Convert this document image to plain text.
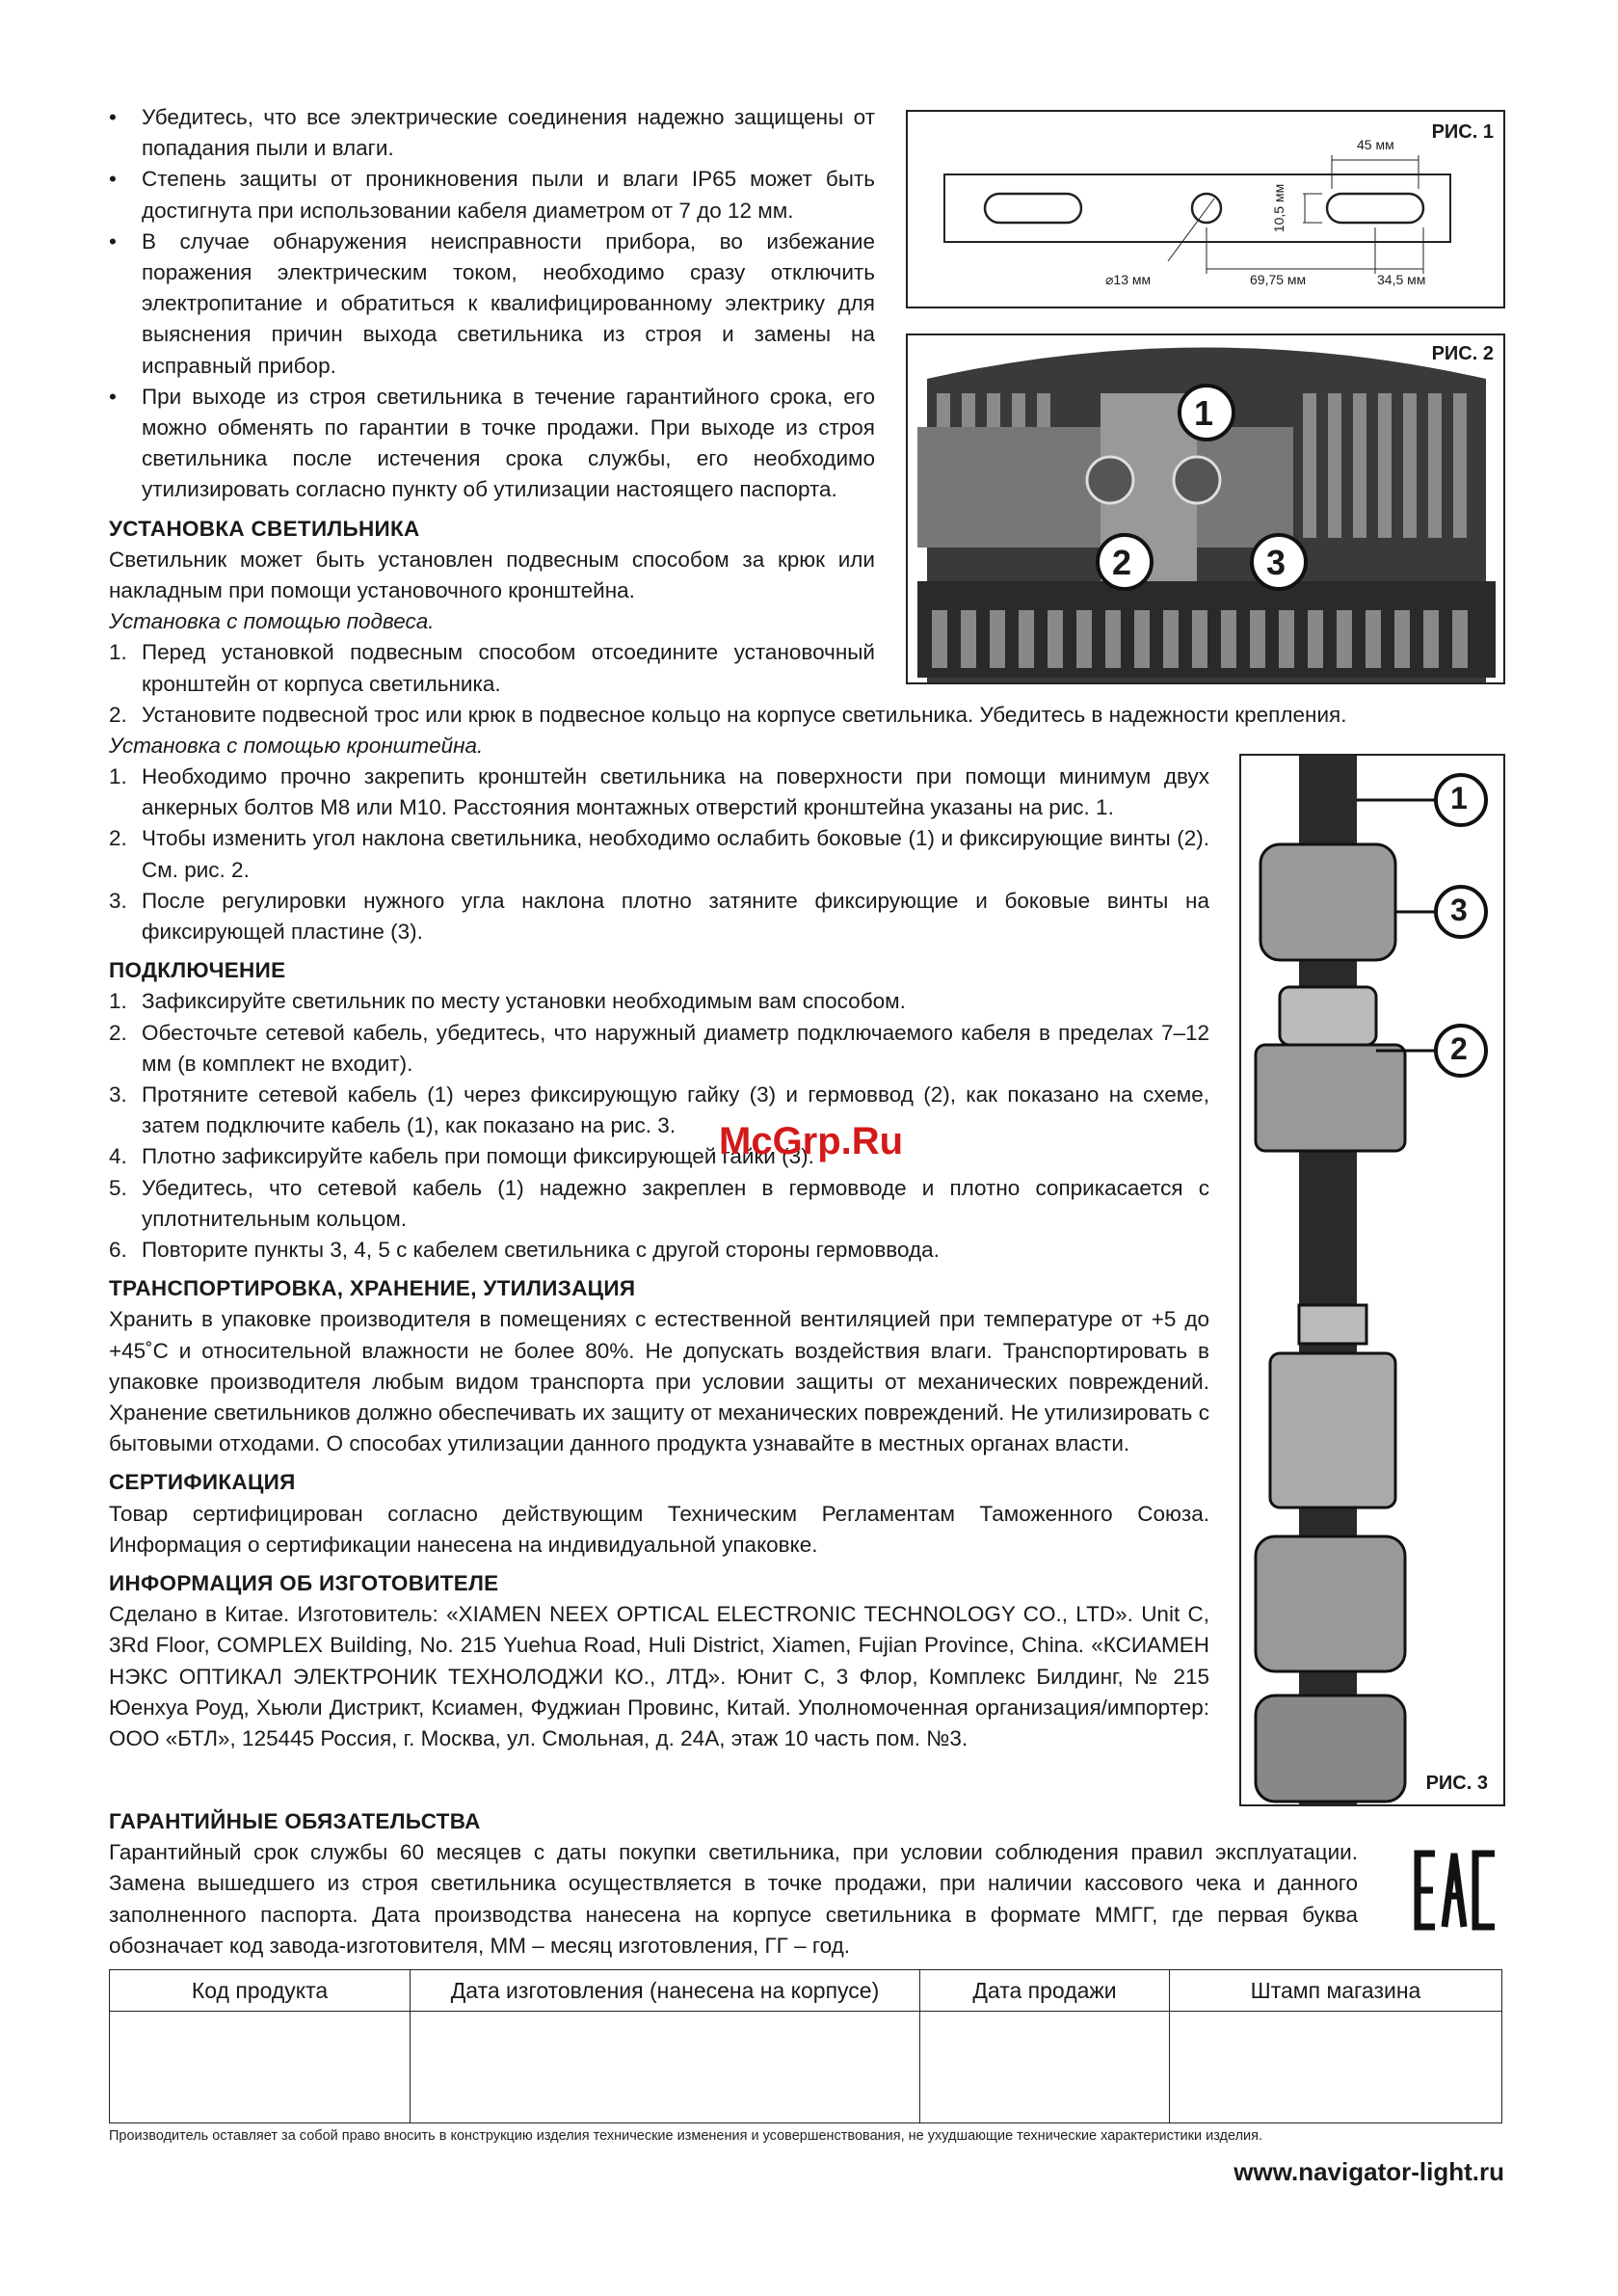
• Убедитесь, что все электрические соединения надежно защищены от попадания пыли и влаги.

• Степень защиты от проникновения пыли и влаги IP65 может быть достигнута при использовании кабеля диаметром от 7 до 12 мм.

• В случае обнаружения неисправности прибора, во избежание поражения электрическим током, необходимо сразу отключить электропитание и обратиться к квалифицированному электрику для выяснения причин выхода светильника из строя и замены на исправный прибор.

• При выходе из строя светильника в течение гарантийного срока, его можно обменять по гарантии в точке продажи. При выходе из строя светильника после истечения срока службы, его необходимо утилизировать согласно пункту об утилизации настоящего паспорта.

УСТАНОВКА СВЕТИЛЬНИКА

Светильник может быть установлен подвесным способом за крюк или накладным при помощи установочного кронштейна.

Установка с помощью подвеса.

1. Перед установкой подвесным способом отсоедините установочный кронштейн от корпуса светильника.

2. Установите подвесной трос или крюк в подвесное кольцо на корпусе светильника. Убедитесь в надежности крепления.

Установка с помощью кронштейна.

1. Необходимо прочно закрепить кронштейн светильника на поверхности при помощи минимум двух анкерных болтов М8 или М10. Расстояния монтажных отверстий кронштейна указаны на рис. 1.

2. Чтобы изменить угол наклона светильника, необходимо ослабить боковые (1) и фиксирующие винты (2). См. рис. 2.

3. После регулировки нужного угла наклона плотно затяните фиксирующие и боковые винты на фиксирующей пластине (3).

ПОДКЛЮЧЕНИЕ

1. Зафиксируйте светильник по месту установки необходимым вам способом.

2. Обесточьте сетевой кабель, убедитесь, что наружный диаметр подключаемого кабеля в пределах 7–12 мм (в комплект не входит).

3. Протяните сетевой кабель (1) через фиксирующую гайку (3) и гермоввод (2), как показано на схеме, затем подключите кабель (1), как показано на рис. 3.

4. Плотно зафиксируйте кабель при помощи фиксирующей гайки (3).

5. Убедитесь, что сетевой кабель (1) надежно закреплен в гермовводе и плотно соприкасается с уплотнительным кольцом.

6. Повторите пункты 3, 4, 5 с кабелем светильника с другой стороны гермоввода.

ТРАНСПОРТИРОВКА, ХРАНЕНИЕ, УТИЛИЗАЦИЯ

Хранить в упаковке производителя в помещениях с естественной вентиляцией при температуре от +5 до +45˚С и относительной влажности не более 80%. Не допускать воздействия влаги. Транспортировать в упаковке производителя любым видом транспорта при условии защиты от механических повреждений. Хранение светильников должно обеспечивать их защиту от механических повреждений. Не утилизировать с бытовыми отходами. О способах утилизации данного продукта узнавайте в местных органах власти.

СЕРТИФИКАЦИЯ

Товар сертифицирован согласно действующим Техническим Регламентам Таможенного Союза. Информация о сертификации нанесена на индивидуальной упаковке.

ИНФОРМАЦИЯ ОБ ИЗГОТОВИТЕЛЕ

Сделано в Китае. Изготовитель: «XIAMEN NEEX OPTICAL ELECTRONIC TECHNOLOGY CO., LTD». Unit C, 3Rd Floor, COMPLEX Building, No. 215 Yuehua Road, Huli District, Xiamen, Fujian Province, China. «КСИАМЕН НЭКС ОПТИКАЛ ЭЛЕКТРОНИК ТЕХНОЛОДЖИ КО., ЛТД». Юнит С, 3 Флор, Комплекс Билдинг, № 215 Юенхуа Роуд, Хьюли Дистрикт, Ксиамен, Фуджиан Провинс, Китай. Уполномоченная организация/импортер: ООО «БТЛ», 125445 Россия, г. Москва, ул. Смольная, д. 24А, этаж 10 часть пом. №3.

ГАРАНТИЙНЫЕ ОБЯЗАТЕЛЬСТВА

Гарантийный срок службы 60 месяцев с даты покупки светильника, при условии соблюдения правил эксплуатации. Замена вышедшего из строя светильника осуществляется в точке продажи, при наличии кассового чека и данного заполненного паспорта. Дата производства нанесена на корпусе светильника в формате ММГГ, где первая буква обозначает код завода-изготовителя, ММ – месяц изготовления, ГГ – год.

McGrp.Ru
РИС. 1
45 мм
10,5 мм
⌀13 мм	69,75 мм	34,5 мм
РИС. 2
1
2	3
1
3
2
РИС. 3
Код продукта	Дата изготовления (нанесена на корпусе)	Дата продажи	Штамп магазина

Производитель оставляет за собой право вносить в конструкцию изделия технические изменения и усовершенствования, не ухудшающие технические характеристики изделия.
www.navigator-light.ru
